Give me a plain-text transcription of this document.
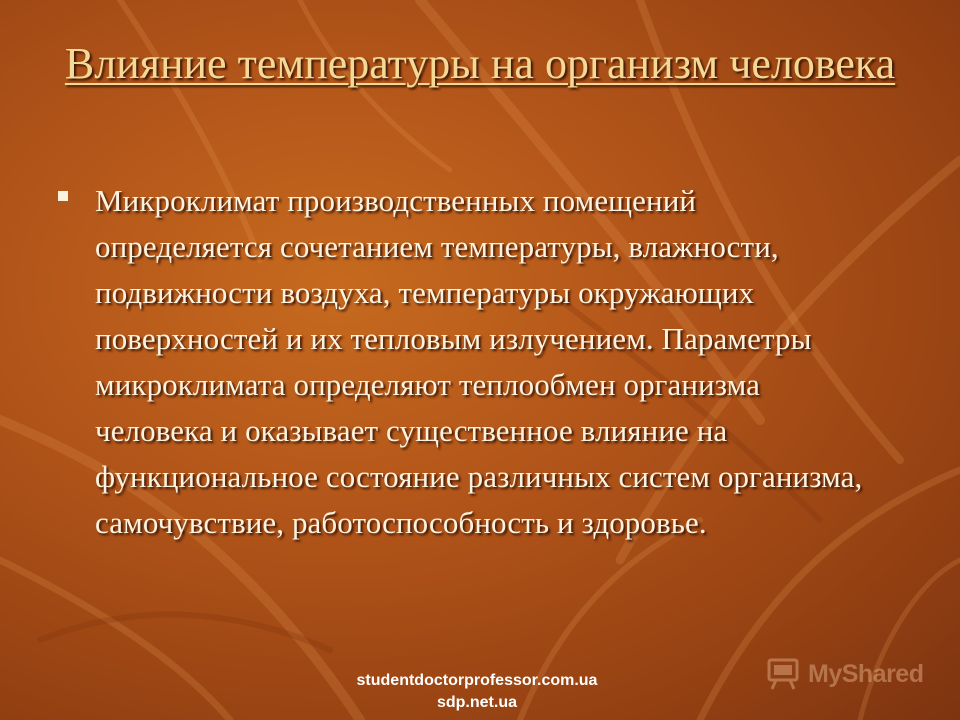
Влияние температуры на организм человека
Микроклимат производственных помещений определяется сочетанием температуры, влажности, подвижности воздуха, температуры окружающих поверхностей и их тепловым излучением. Параметры микроклимата определяют теплообмен организма человека и оказывает существенное влияние на функциональное состояние различных систем организма, самочувствие, работоспособность и здоровье.
studentdoctorprofessor.com.ua
sdp.net.ua
MyShared
